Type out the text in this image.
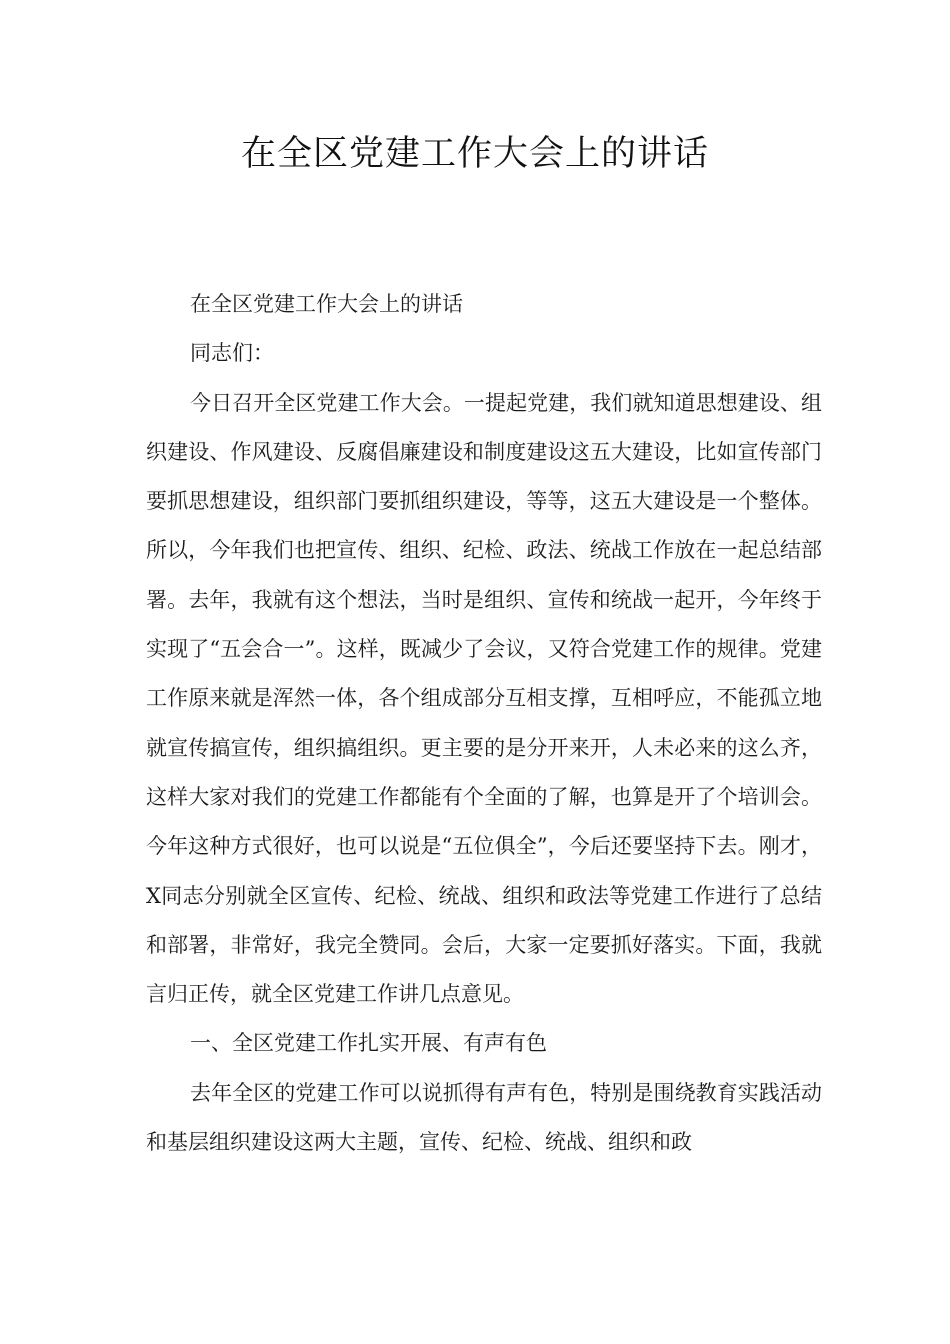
在全区党建工作大会上的讲话

在全区党建工作大会上的讲话

同志们：

今日召开全区党建工作大会。一提起党建，我们就知道思想建设、组织建设、作风建设、反腐倡廉建设和制度建设这五大建设，比如宣传部门要抓思想建设，组织部门要抓组织建设，等等，这五大建设是一个整体。所以，今年我们也把宣传、组织、纪检、政法、统战工作放在一起总结部署。去年，我就有这个想法，当时是组织、宣传和统战一起开，今年终于实现了“五会合一”。这样，既减少了会议，又符合党建工作的规律。党建工作原来就是浑然一体，各个组成部分互相支撑，互相呼应，不能孤立地就宣传搞宣传，组织搞组织。更主要的是分开来开，人未必来的这么齐，这样大家对我们的党建工作都能有个全面的了解，也算是开了个培训会。今年这种方式很好，也可以说是“五位俱全”，今后还要坚持下去。刚才，X同志分别就全区宣传、纪检、统战、组织和政法等党建工作进行了总结和部署，非常好，我完全赞同。会后，大家一定要抓好落实。下面，我就言归正传，就全区党建工作讲几点意见。

一、全区党建工作扎实开展、有声有色

去年全区的党建工作可以说抓得有声有色，特别是围绕教育实践活动和基层组织建设这两大主题，宣传、纪检、统战、组织和政
